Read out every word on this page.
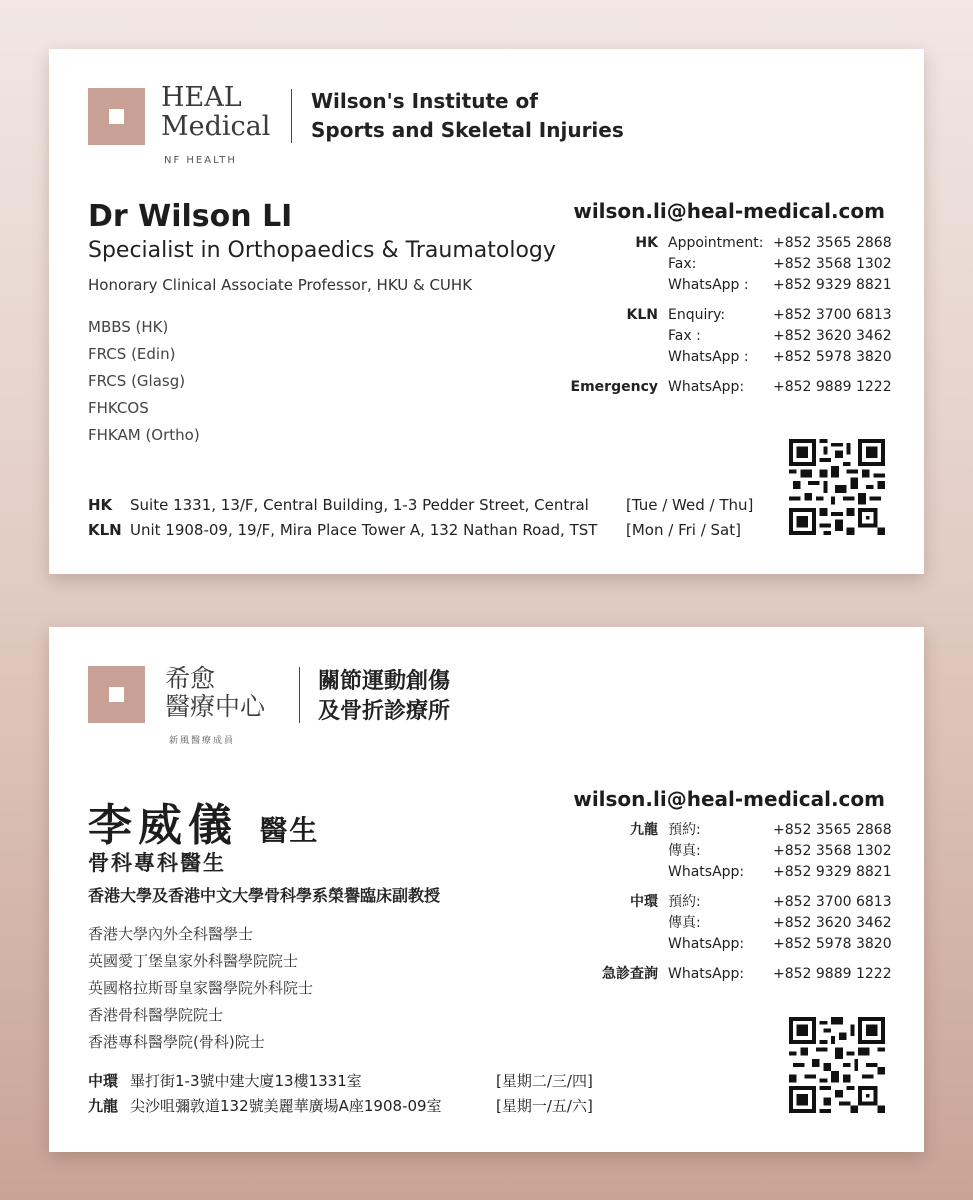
HEAL
Medical
NF HEALTH
Wilson's Institute of
Sports and Skeletal Injuries
Dr Wilson LI
Specialist in Orthopaedics & Traumatology
Honorary Clinical Associate Professor, HKU & CUHK
MBBS (HK)
FRCS (Edin)
FRCS (Glasg)
FHKCOS
FHKAM (Ortho)
wilson.li@heal-medical.com
HK Appointment: +852 3565 2868
Fax:	+852 3568 1302
WhatsApp :	+852 9329 8821
KLN Enquiry:	+852 3700 6813
Fax :	+852 3620 3462
WhatsApp :	+852 5978 3820
Emergency WhatsApp:	+852 9889 1222
HK	Suite 1331, 13/F, Central Building, 1-3 Pedder Street, Central	[Tue / Wed / Thu]
KLN Unit 1908-09, 19/F, Mira Place Tower A, 132 Nathan Road, TST	[Mon / Fri / Sat]
希愈
醫療中心
新風醫療成員
關節運動創傷
及骨折診療所
李威儀 醫生
骨科專科醫生
香港大學及香港中文大學骨科學系榮譽臨床副教授
香港大學內外全科醫學士
英國愛丁堡皇家外科醫學院院士
英國格拉斯哥皇家醫學院外科院士
香港骨科醫學院院士
香港專科醫學院(骨科)院士
wilson.li@heal-medical.com
九龍 預約:	+852 3565 2868
傳真:	+852 3568 1302
WhatsApp:	+852 9329 8821
中環 預約:	+852 3700 6813
傳真:	+852 3620 3462
WhatsApp:	+852 5978 3820
急診查詢 WhatsApp:	+852 9889 1222
中環 畢打街1-3號中建大廈13樓1331室	[星期二/三/四]
九龍 尖沙咀彌敦道132號美麗華廣場A座1908-09室	[星期一/五/六]
